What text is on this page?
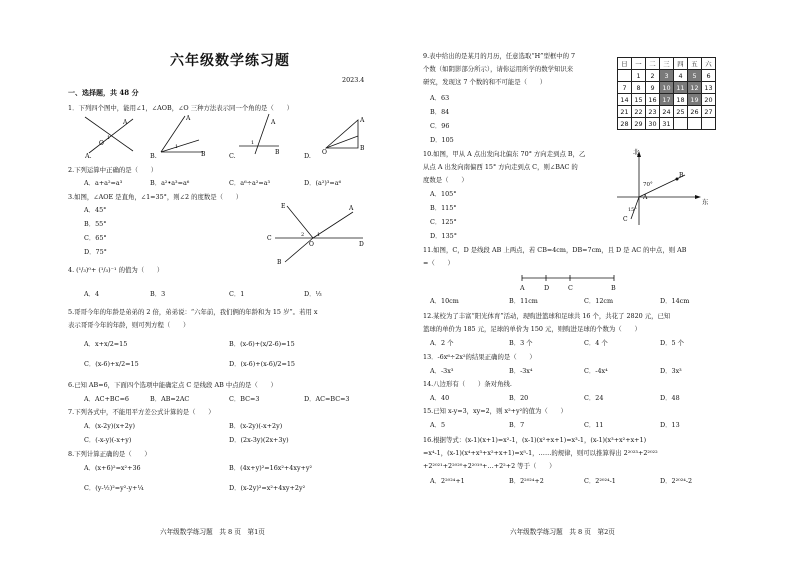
六年级数学练习题
2023.4
一、选择题，共 48 分
1．下列四个图中，能用∠1，∠AOB，∠O 三种方法表示同一个角的是（　　）
A
1
O
A.
A
B
1
B.
A
1
B
C.
A
B
O
D.
2.下列运算中正确的是（　　）
A．a+a²=a³	B．a²•a³=a⁶	C．a⁶÷a²=a³	D．(a²)³=a⁶
3.如图，∠AOE 是直角，∠1=35°，则∠2 的度数是（　　）
A．45°
B．55°
C．65°
D．75°
E	A
C
D
B
O
2	1
4. (¹/₃)⁰+ (¹/₃)⁻¹ 的值为（　　）
A．4	B．3	C．1	D．⅓
5.哥哥今年的年龄是弟弟的 2 倍，弟弟说：“六年前，我们俩的年龄和为 15 岁”。若用 x
表示哥哥今年的年龄，则可列方程（　　）
A．x+x/2=15	B．(x-6)+(x/2-6)=15
C．(x-6)+x/2=15	D．(x-6)+(x-6)/2=15
6.已知 AB=6，下面四个选项中能确定点 C 是线段 AB 中点的是（　　）
A．AC+BC=6	B．AB=2AC	C．BC=3	D．AC=BC=3
7.下列各式中，不能用平方差公式计算的是（　　）
A．(x-2y)(x+2y)	B．(x-2y)(-x+2y)
C．(-x-y)(-x+y)	D．(2x-3y)(2x+3y)
8.下列计算正确的是（　　）
A．(x+6)²=x²+36	B．(4x+y)²=16x²+4xy+y²
C．(y-½)²=y²-y+¼	D．(x-2y)²=x²+4xy+2y²
六年级数学练习题　共 8 页　第1页
9.表中给出的是某月的月历，任意选取“H”型框中的 7
个数（如阴影部分所示），请你运用所学的数学知识来
研究，发现这 7 个数的和不可能是（　　）
A．63
B．84
C．96
D．105
日	一	二	三	四	五	六
	1	2	3	4	5	6
7	8	9	10	11	12	13
14	15	16	17	18	19	20
21	22	23	24	25	26	27
28	29	30	31			
10.如图，甲从 A 点出发向北偏东 70° 方向走到点 B，乙
从点 A 出发向南偏西 15° 方向走到点 C，则∠BAC 的
度数是（　　）
A．105°
B．115°
C．125°
D．135°
A
B
C
北
东
70°
15°
11.如图，C，D 是线段 AB 上两点，若 CB=4cm，DB=7cm，且 D 是 AC 的中点，则 AB
=（　　）
A	D	C	B
A．10cm	B．11cm	C．12cm	D．14cm
12.某校为了丰富“阳光体育”活动，现购进篮球和足球共 16 个，共花了 2820 元，已知
篮球的单价为 185 元，足球的单价为 150 元，则购进足球的个数为（　　）
A．2 个	B．3 个	C．4 个	D．5 个
13．-6x⁶÷2x²的结果正确的是（　　）
A．-3x³	B．-3x⁴	C．-4x⁴	D．3x³
14.八边形有（　　）条对角线.
A．40	B．20	C．24	D．48
15.已知 x-y=3，xy=2，则 x²+y²的值为（　　）
A．5	B．7	C．11	D．13
16.根据等式：(x-1)(x+1)=x²-1，(x-1)(x²+x+1)=x³-1，(x-1)(x³+x²+x+1)
=x⁴-1，(x-1)(x⁴+x³+x²+x+1)=x⁵-1，……的规律，则可以推算得出 2²⁰²³+2²⁰²²
+2²⁰²¹+2²⁰²⁰+2²⁰¹⁹+…+2²+2 等于（　　）
A．2²⁰²⁴+1	B．2²⁰²⁴+2	C．2²⁰²⁴-1	D．2²⁰²⁴-2
六年级数学练习题　共 8 页　第2页
